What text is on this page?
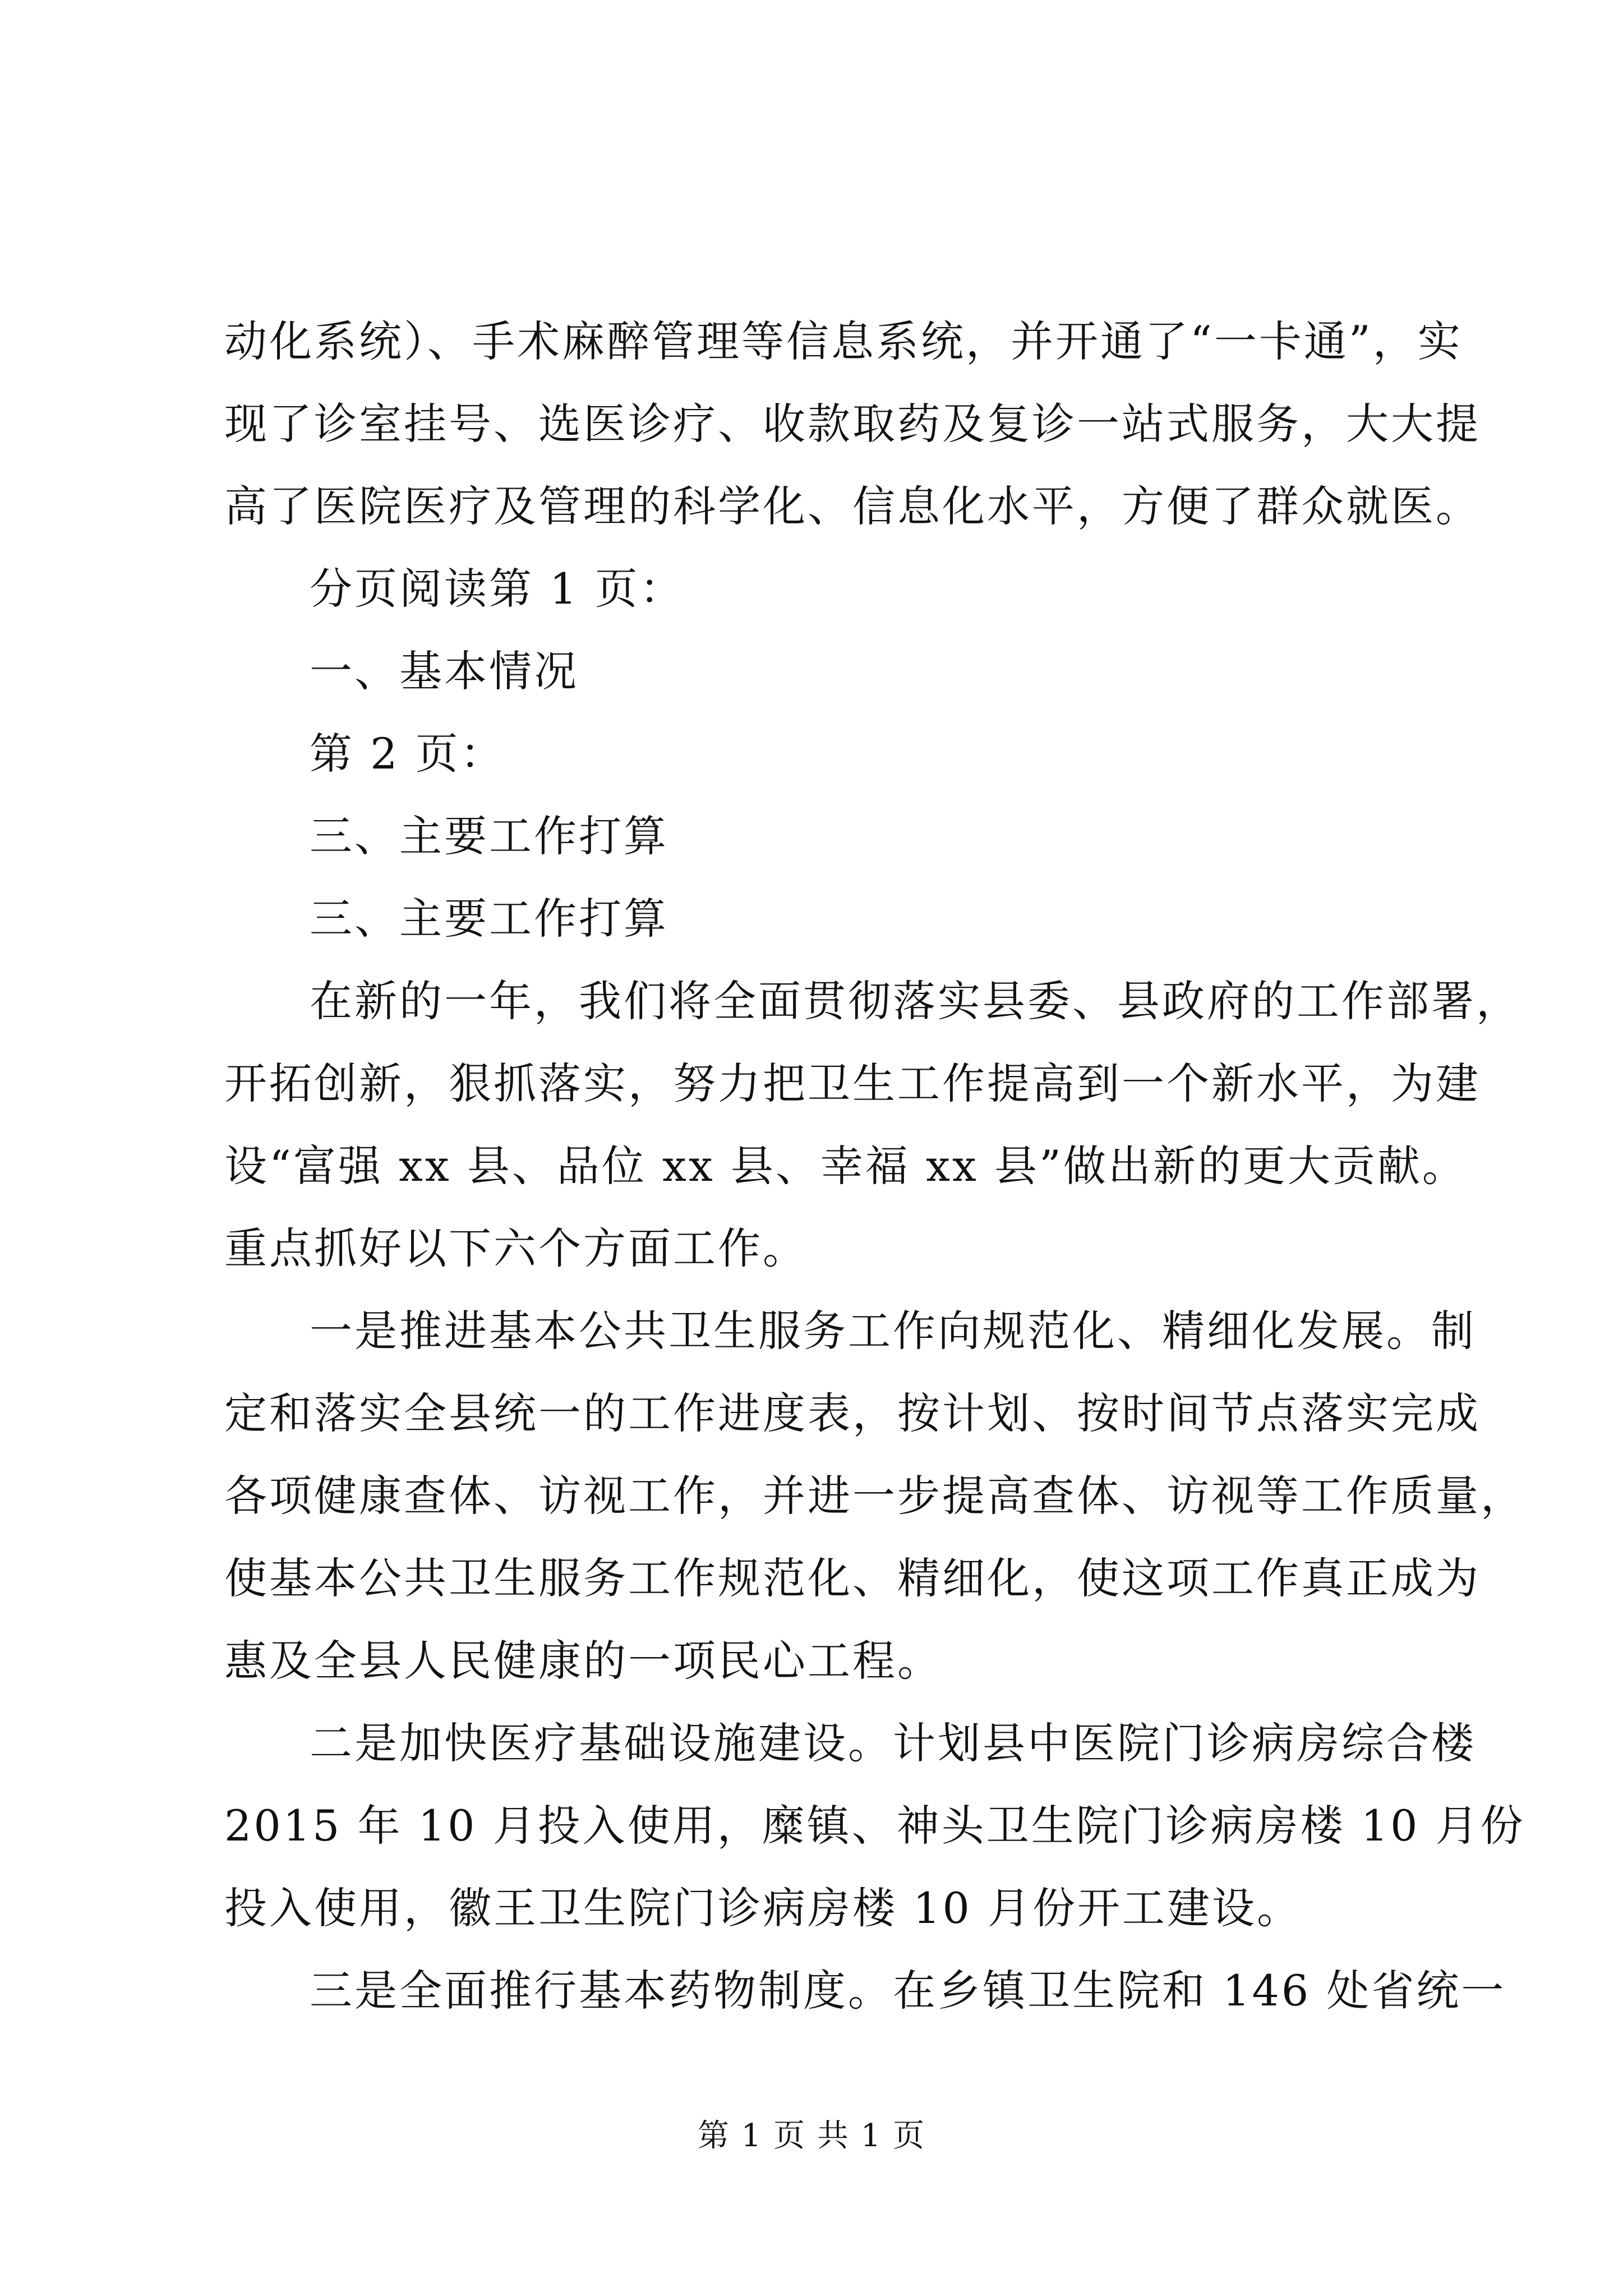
动化系统）、手术麻醉管理等信息系统，并开通了“一卡通”，实
现了诊室挂号、选医诊疗、收款取药及复诊一站式服务，大大提
高了医院医疗及管理的科学化、信息化水平，方便了群众就医。
分页阅读第 1 页：
一、基本情况
第 2 页：
三、主要工作打算
三、主要工作打算
在新的一年，我们将全面贯彻落实县委、县政府的工作部署，
开拓创新，狠抓落实，努力把卫生工作提高到一个新水平，为建
设“富强 xx 县、品位 xx 县、幸福 xx 县”做出新的更大贡献。
重点抓好以下六个方面工作。
一是推进基本公共卫生服务工作向规范化、精细化发展。制
定和落实全县统一的工作进度表，按计划、按时间节点落实完成
各项健康查体、访视工作，并进一步提高查体、访视等工作质量，
使基本公共卫生服务工作规范化、精细化，使这项工作真正成为
惠及全县人民健康的一项民心工程。
二是加快医疗基础设施建设。计划县中医院门诊病房综合楼
2015 年 10 月投入使用，糜镇、神头卫生院门诊病房楼 10 月份
投入使用，徽王卫生院门诊病房楼 10 月份开工建设。
三是全面推行基本药物制度。在乡镇卫生院和 146 处省统一
第 1 页 共 1 页
